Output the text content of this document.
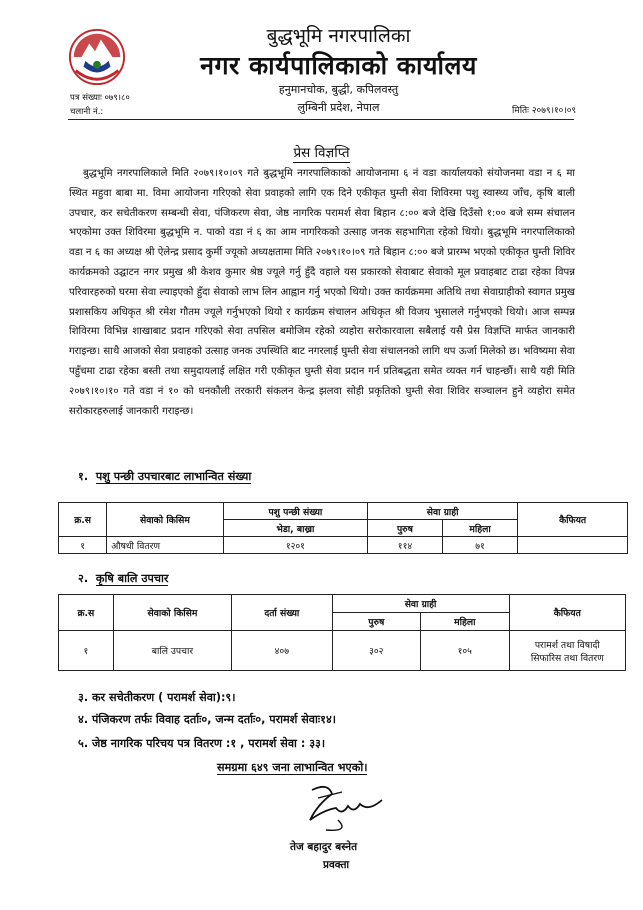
बुद्धभूमि नगरपालिका
नगर कार्यपालिकाको कार्यालय
हनुमानचोक, बुद्धी, कपिलवस्तु
लुम्बिनी प्रदेश, नेपाल
पत्र संख्याः ०७९।८०
चलानी नं.:	मितिः २०७९।१०।०९
प्रेस विज्ञप्ति
बुद्धभूमि नगरपालिकाले मिति २०७९।१०।०९ गते बुद्धभूमि नगरपालिकाको आयोजनामा ६ नं वडा कार्यालयको संयोजनमा वडा न ६ मा स्थित महुवा बाबा मा. विमा आयोजना गरिएको सेवा प्रवाहको लागि एक दिने एकीकृत घुम्ती सेवा शिविरमा पशु स्वास्थ्य जाँच, कृषि बाली उपचार, कर सचेतीकरण सम्बन्धी सेवा, पंजिकरण सेवा, जेष्ठ नागरिक परामर्श सेवा बिहान ८:०० बजे देखि दिउँसो १:०० बजे सम्म संचालन भएकोमा उक्त शिविरमा बुद्धभूमि न. पाको वडा नं ६ का आम नागरिकको उत्साह जनक सहभागिता रहेको थियो। बुद्धभूमि नगरपालिकाको वडा न ६ का अध्यक्ष श्री ऐलेन्द्र प्रसाद कुर्मी ज्यूको अध्यक्षतामा मिति २०७९।१०।०९ गते बिहान ८:०० बजे प्रारम्भ भएको एकीकृत घुम्ती शिविर कार्यक्रमको उद्घाटन नगर प्रमुख श्री केशव कुमार श्रेष्ठ ज्यूले गर्नु हुँदै वहाले यस प्रकारको सेवाबाट सेवाको मूल प्रवाहबाट टाढा रहेका विपन्न परिवारहरुको घरमा सेवा ल्याइएको हुँदा सेवाको लाभ लिन आह्वान गर्नु भएको थियो। उक्त कार्यक्रममा अतिथि तथा सेवाग्राहीको स्वागत प्रमुख प्रशासकिय अधिकृत श्री रमेश गौतम ज्यूले गर्नुभएको थियो र कार्यक्रम संचालन अधिकृत श्री विजय भुसालले गर्नुभएको थियो। आज सम्पन्न शिविरमा विभिन्न शाखाबाट प्रदान गरिएको सेवा तपसिल बमोजिम रहेको व्यहोरा सरोकारवाला सबैलाई यसै प्रेस विज्ञप्ति मार्फत जानकारी गराइन्छ। साथै आजको सेवा प्रवाहको उत्साह जनक उपस्थिति बाट नगरलाई घुम्ती सेवा संचालनको लागि थप ऊर्जा मिलेको छ। भविष्यमा सेवा पहुँचमा टाढा रहेका बस्ती तथा समुदायलाई लक्षित गरी एकीकृत घुम्ती सेवा प्रदान गर्न प्रतिबद्धता समेत व्यक्त गर्न चाहन्छौं। साथै यही मिति २०७९।१०।१० गते वडा नं १० को धनकौली तरकारी संकलन केन्द्र झलवा सोही प्रकृतिको घुम्ती सेवा शिविर सञ्चालन हुने व्यहोरा समेत सरोकारहरुलाई जानकारी गराइन्छ।
१. पशु पन्छी उपचारबाट लाभान्वित संख्या
क्र.स	सेवाको किसिम	पशु पन्छी संख्या	सेवा ग्राही		कैफियत
		भेडा, बाख्रा	पुरुष	महिला	
१	औषधी वितरण	१२०१	११४	७१	
२. कृषि बालि उपचार
क्र.स	सेवाको किसिम	दर्ता संख्या	सेवा ग्राही		कैफियत
			पुरुष	महिला	
१	बालि उपचार	४०७	३०२	१०५	परामर्श तथा विषादी
सिफारिस तथा वितरण
३. कर सचेतीकरण ( परामर्श सेवा):९।
४. पंजिकरण तर्फः विवाह दर्ताः०, जन्म दर्ताः०, परामर्श सेवाः१४।
५. जेष्ठ नागरिक परिचय पत्र वितरण :१ , परामर्श सेवा : ३३।
समग्रमा ६४९ जना लाभान्वित भएको।
तेज बहादुर बस्नेत
प्रवक्ता
